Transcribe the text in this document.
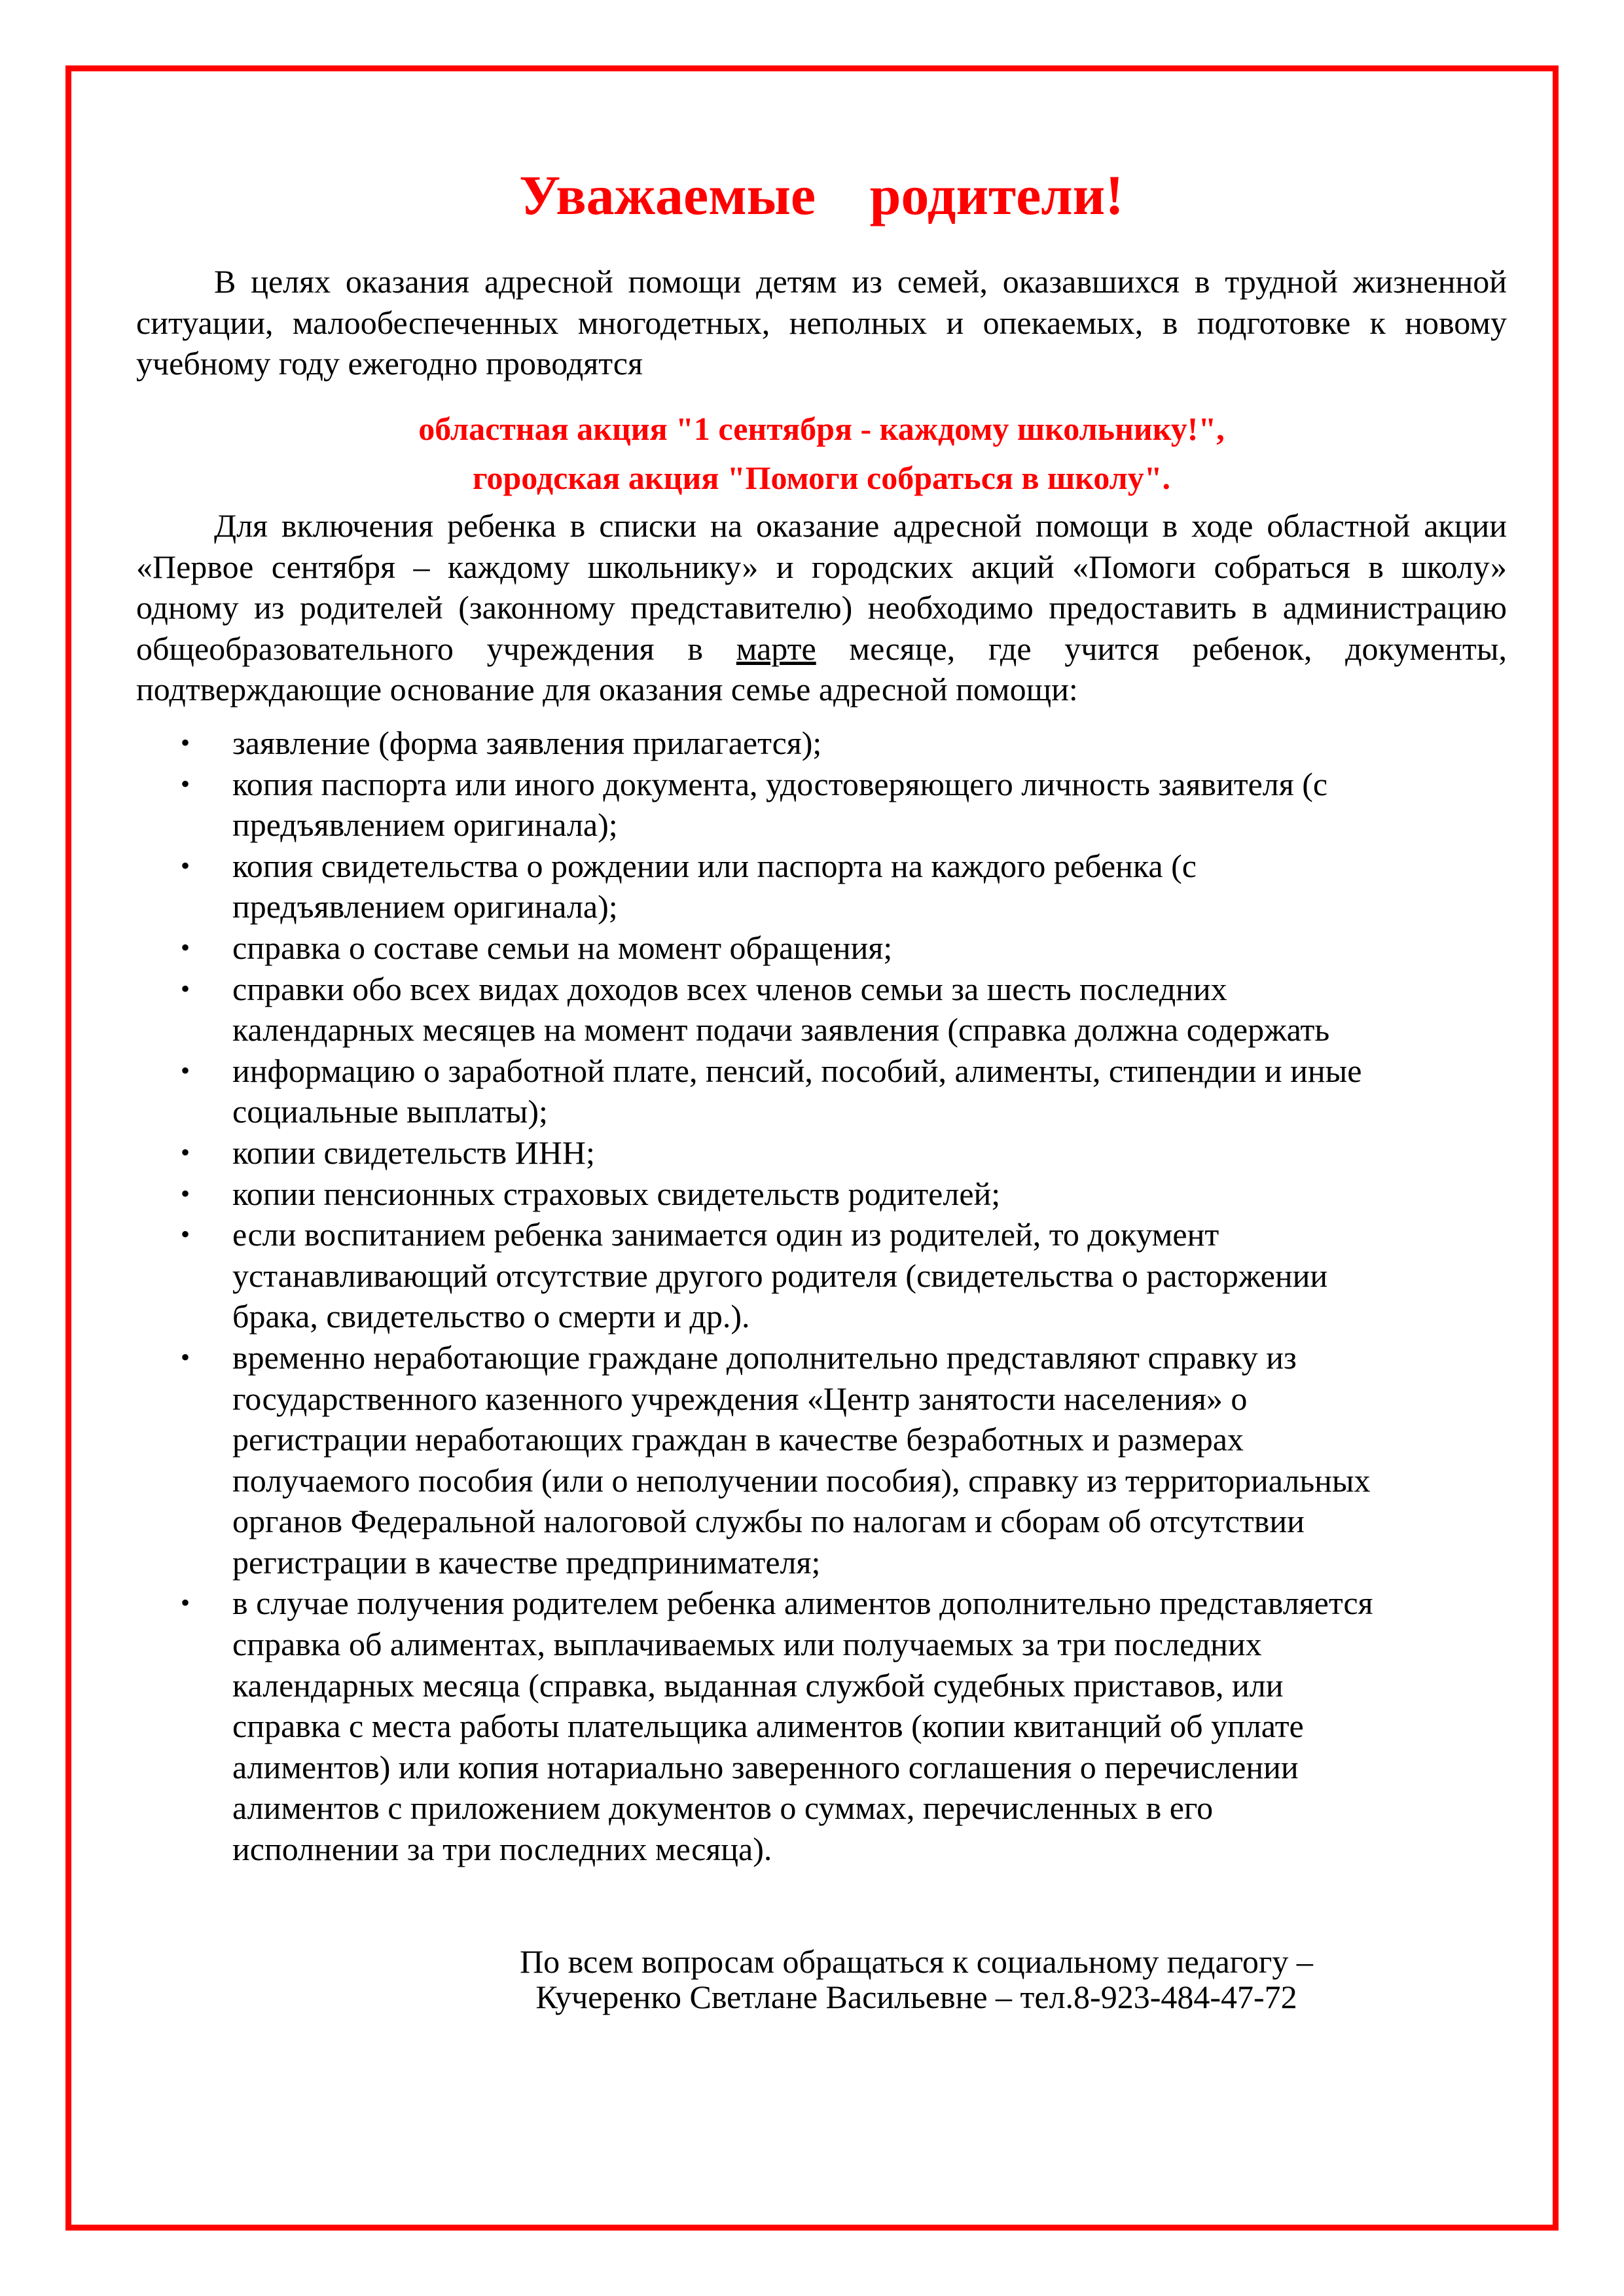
Уважаемые   родители!
В целях оказания адресной помощи детям из семей, оказавшихся в трудной жизненной ситуации, малообеспеченных многодетных, неполных и опекаемых, в подготовке к новому учебному году ежегодно проводятся
областная акция "1 сентября - каждому школьнику!",
городская акция "Помоги собраться в школу".
Для включения ребенка в списки на оказание адресной помощи в ходе областной акции «Первое сентября – каждому школьнику» и городских акций «Помоги собраться в школу» одному из родителей (законному представителю) необходимо предоставить в администрацию общеобразовательного учреждения в марте месяце, где учится ребенок, документы, подтверждающие основание для оказания семье адресной помощи:
• заявление (форма заявления прилагается);
• копия паспорта или иного документа, удостоверяющего личность заявителя (с предъявлением оригинала);
• копия свидетельства о рождении или паспорта на каждого ребенка (с предъявлением оригинала);
• справка о составе семьи на момент обращения;
• справки обо всех видах доходов всех членов семьи за шесть последних календарных месяцев на момент подачи заявления (справка должна содержать
• информацию о заработной плате, пенсий, пособий, алименты, стипендии и иные социальные выплаты);
• копии свидетельств ИНН;
• копии пенсионных страховых свидетельств родителей;
• если воспитанием ребенка занимается один из родителей, то документ устанавливающий отсутствие другого родителя (свидетельства о расторжении брака, свидетельство о смерти и др.).
• временно неработающие граждане дополнительно представляют справку из государственного казенного учреждения «Центр занятости населения» о регистрации неработающих граждан в качестве безработных и размерах получаемого пособия (или о неполучении пособия), справку из территориальных органов Федеральной налоговой службы по налогам и сборам об отсутствии регистрации в качестве предпринимателя;
• в случае получения родителем ребенка алиментов дополнительно представляется справка об алиментах, выплачиваемых или получаемых за три последних календарных месяца (справка, выданная службой судебных приставов, или справка с места работы плательщика алиментов (копии квитанций об уплате алиментов) или копия нотариально заверенного соглашения о перечислении алиментов с приложением документов о суммах, перечисленных в его исполнении за три последних месяца).
По всем вопросам обращаться к социальному педагогу –
Кучеренко Светлане Васильевне – тел.8-923-484-47-72
